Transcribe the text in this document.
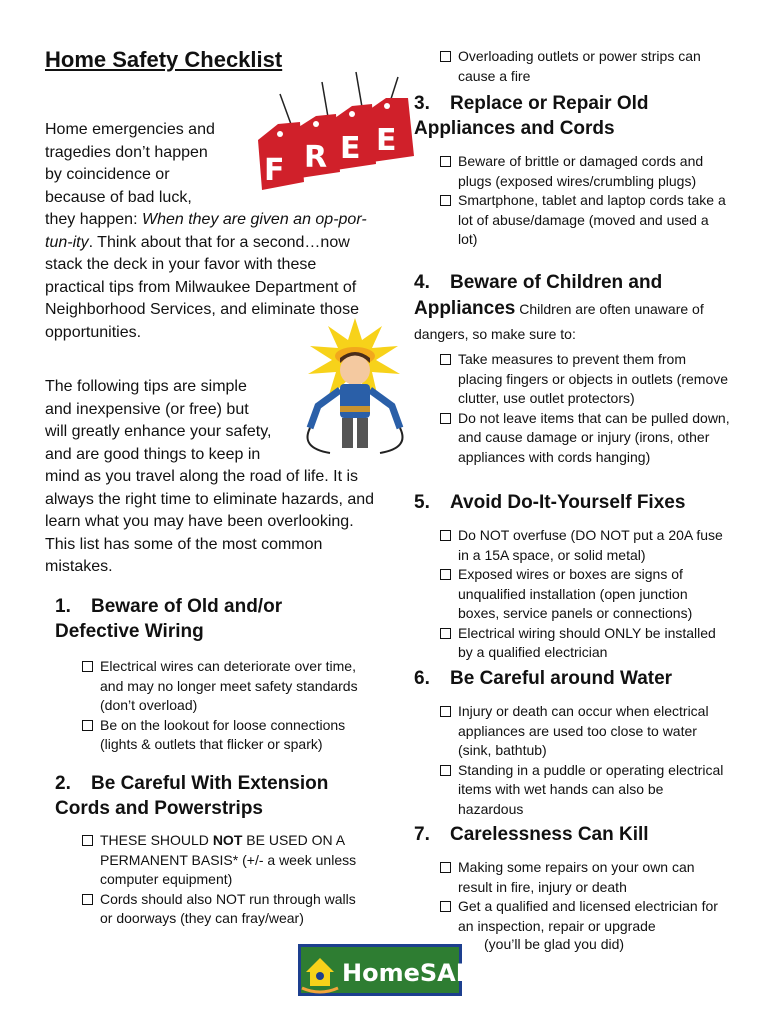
Home Safety Checklist
F R E E
Home emergencies and tragedies don’t happen by coincidence or because of bad luck, they happen: When they are given an op-por-tun-ity. Think about that for a second…now stack the deck in your favor with these practical tips from Milwaukee Department of Neighborhood Services, and eliminate those opportunities.
The following tips are simple and inexpensive (or free) but will greatly enhance your safety, and are good things to keep in mind as you travel along the road of life. It is always the right time to eliminate hazards, and learn what you may have been overlooking. This list has some of the most common mistakes.
1. Beware of Old and/or Defective Wiring
Electrical wires can deteriorate over time, and may no longer meet safety standards (don’t overload)
Be on the lookout for loose connections (lights & outlets that flicker or spark)
2. Be Careful With Extension Cords and Powerstrips
THESE SHOULD NOT BE USED ON A PERMANENT BASIS* (+/- a week unless computer equipment)
Cords should also NOT run through walls or doorways (they can fray/wear)
Overloading outlets or power strips can cause a fire
3. Replace or Repair Old Appliances and Cords
Beware of brittle or damaged cords and plugs (exposed wires/crumbling plugs)
Smartphone, tablet and laptop cords take a lot of abuse/damage (moved and used a lot)
4. Beware of Children and
Appliances Children are often unaware of dangers, so make sure to:
Take measures to prevent them from placing fingers or objects in outlets (remove clutter, use outlet protectors)
Do not leave items that can be pulled down, and cause damage or injury (irons, other appliances with cords hanging)
5. Avoid Do-It-Yourself Fixes
Do NOT overfuse (DO NOT put a 20A fuse in a 15A space, or solid metal)
Exposed wires or boxes are signs of unqualified installation (open junction boxes, service panels or connections)
Electrical wiring should ONLY be installed by a qualified electrician
6. Be Careful around Water
Injury or death can occur when electrical appliances are used too close to water (sink, bathtub)
Standing in a puddle or operating electrical items with wet hands can also be hazardous
7. Carelessness Can Kill
Making some repairs on your own can result in fire, injury or death
Get a qualified and licensed electrician for an inspection, repair or upgrade
(you’ll be glad you did)
HomeSAFE
